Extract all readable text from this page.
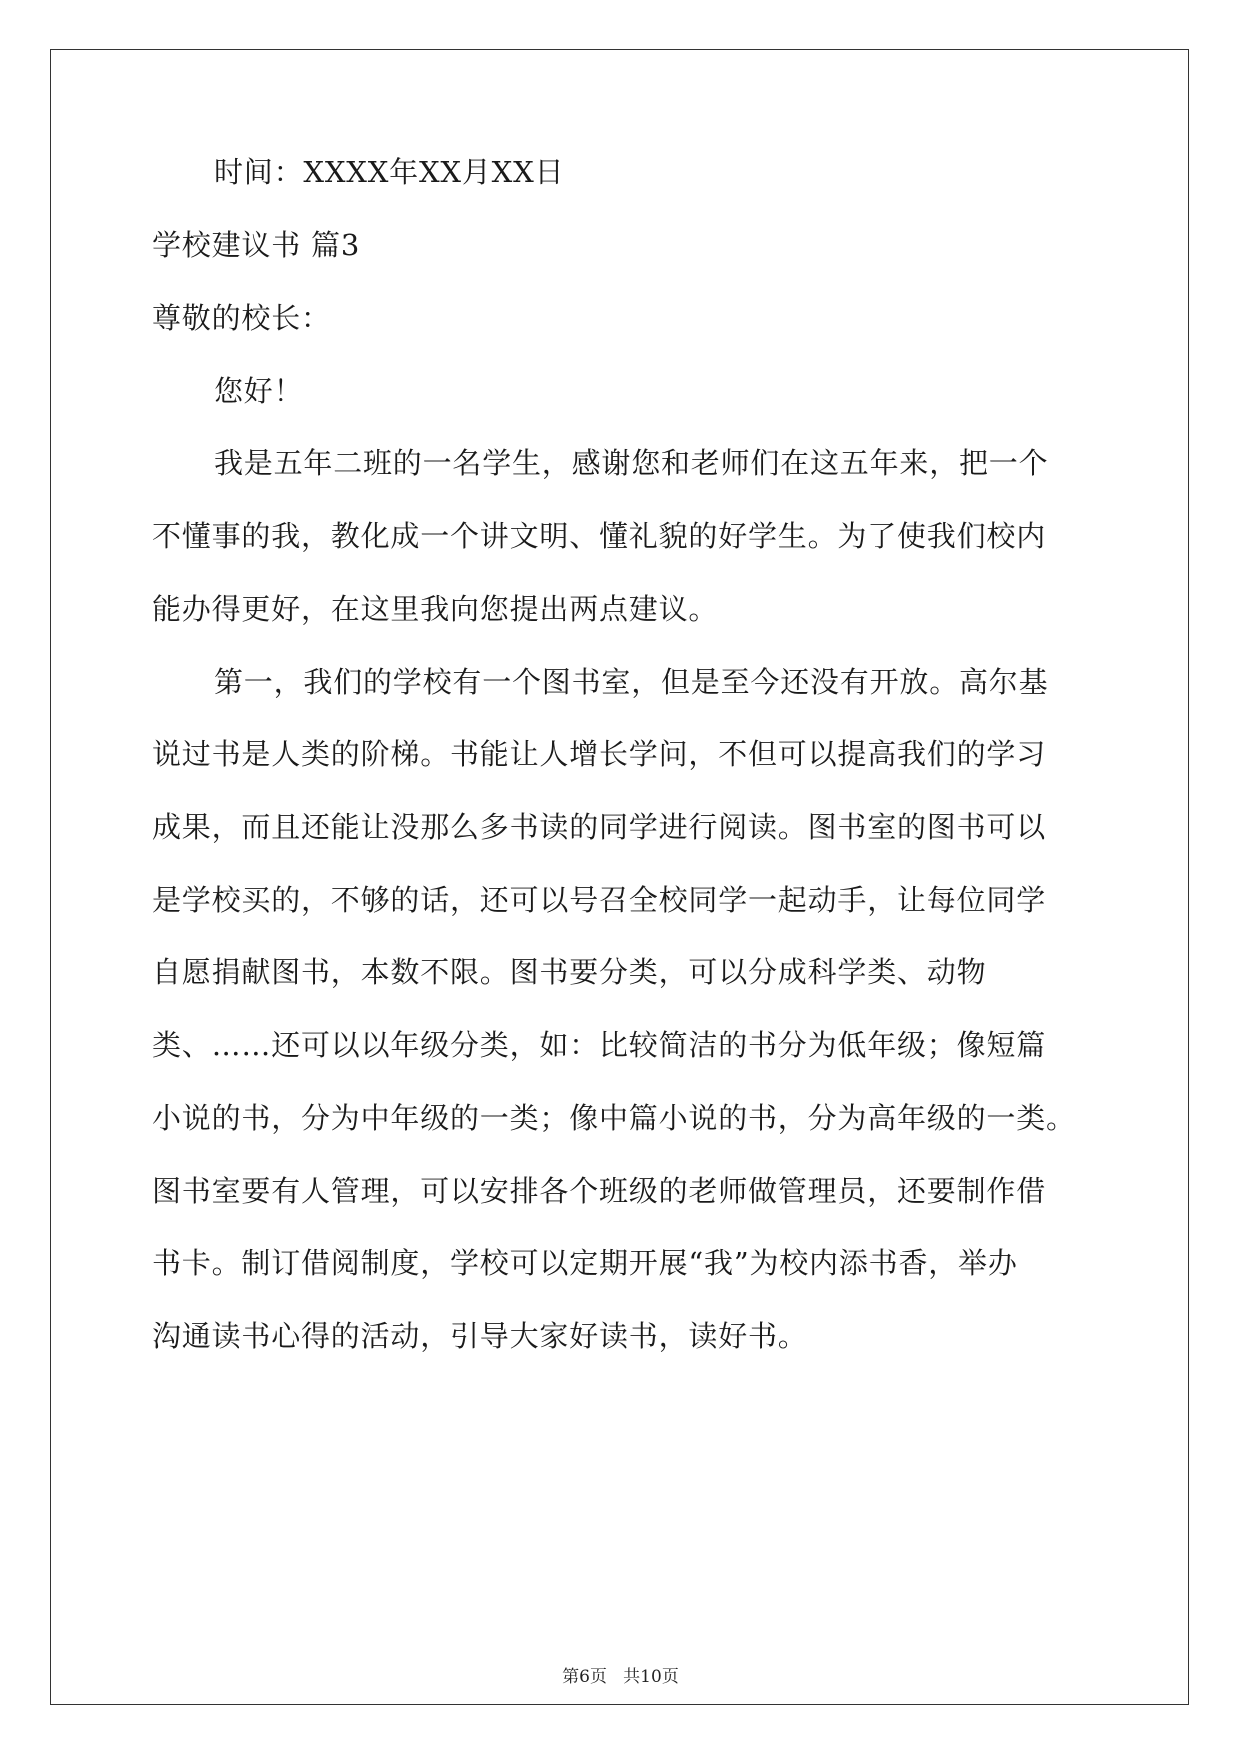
时间：XXXX年XX月XX日
学校建议书 篇3
尊敬的校长：
您好！
我是五年二班的一名学生，感谢您和老师们在这五年来，把一个
不懂事的我，教化成一个讲文明、懂礼貌的好学生。为了使我们校内
能办得更好，在这里我向您提出两点建议。
第一，我们的学校有一个图书室，但是至今还没有开放。高尔基
说过书是人类的阶梯。书能让人增长学问，不但可以提高我们的学习
成果，而且还能让没那么多书读的同学进行阅读。图书室的图书可以
是学校买的，不够的话，还可以号召全校同学一起动手，让每位同学
自愿捐献图书，本数不限。图书要分类，可以分成科学类、动物
类、……还可以以年级分类，如：比较简洁的书分为低年级；像短篇
小说的书，分为中年级的一类；像中篇小说的书，分为高年级的一类。
图书室要有人管理，可以安排各个班级的老师做管理员，还要制作借
书卡。制订借阅制度，学校可以定期开展“我”为校内添书香，举办
沟通读书心得的活动，引导大家好读书，读好书。
第6页   共10页
